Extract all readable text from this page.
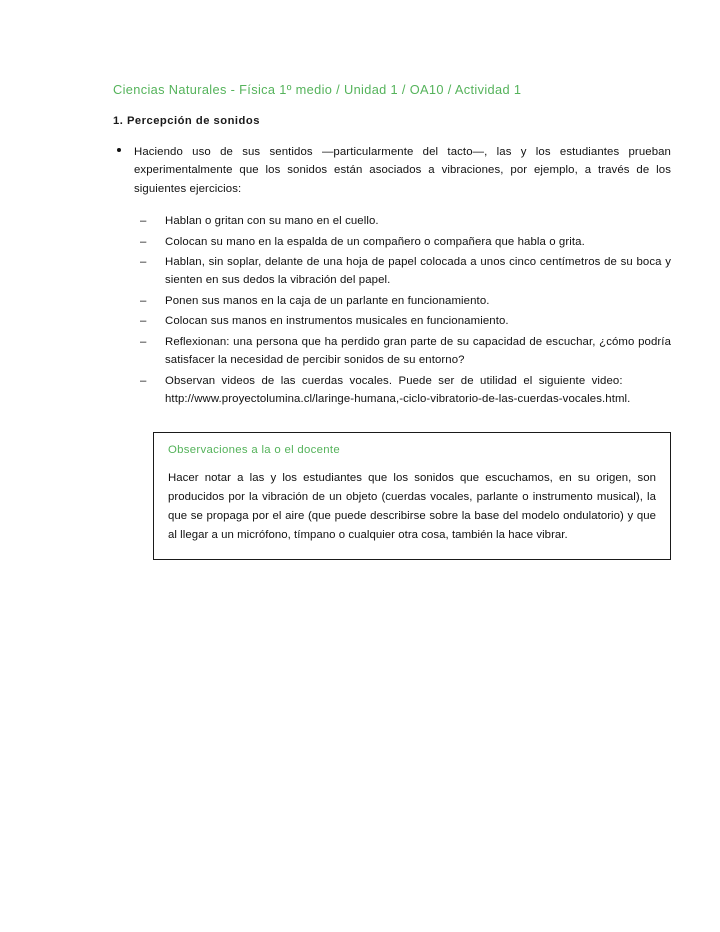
Ciencias Naturales - Física 1º medio / Unidad 1 / OA10 / Actividad 1
1. Percepción de sonidos

Haciendo uso de sus sentidos —particularmente del tacto—, las y los estudiantes prueban experimentalmente que los sonidos están asociados a vibraciones, por ejemplo, a través de los siguientes ejercicios:

– Hablan o gritan con su mano en el cuello.
– Colocan su mano en la espalda de un compañero o compañera que habla o grita.
– Hablan, sin soplar, delante de una hoja de papel colocada a unos cinco centímetros de su boca y sienten en sus dedos la vibración del papel.
– Ponen sus manos en la caja de un parlante en funcionamiento.
– Colocan sus manos en instrumentos musicales en funcionamiento.
– Reflexionan: una persona que ha perdido gran parte de su capacidad de escuchar, ¿cómo podría satisfacer la necesidad de percibir sonidos de su entorno?
– Observan videos de las cuerdas vocales. Puede ser de utilidad el siguiente video:  http://www.proyectolumina.cl/laringe-humana,-ciclo-vibratorio-de-las-cuerdas-vocales.html.
Observaciones a la o el docente

Hacer notar a las y los estudiantes que los sonidos que escuchamos, en su origen, son producidos por la vibración de un objeto (cuerdas vocales, parlante o instrumento musical), la que se propaga por el aire (que puede describirse sobre la base del modelo ondulatorio) y que al llegar a un micrófono, tímpano o cualquier otra cosa, también la hace vibrar.
